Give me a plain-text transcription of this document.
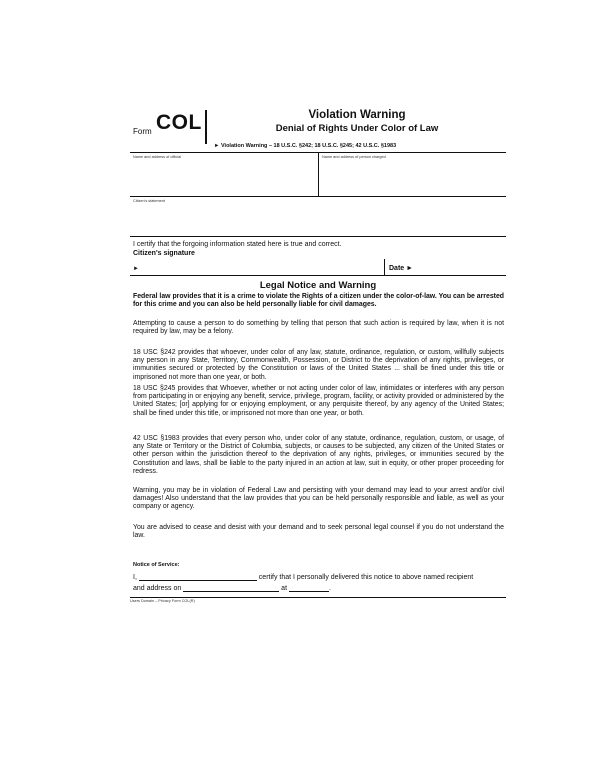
Form COL	Violation Warning
Denial of Rights Under Color of Law
► Violation Warning – 18 U.S.C. §242; 18 U.S.C. §245; 42 U.S.C. §1983
Name and address of official	Name and address of person charged
Citizen's statement
I certify that the forgoing information stated here is true and correct.
Citizen's signature
►	Date ►
Legal Notice and Warning

Federal law provides that it is a crime to violate the Rights of a citizen under the color-of-law. You can be arrested for this crime and you can also be held personally liable for civil damages.

Attempting to cause a person to do something by telling that person that such action is required by law, when it is not required by law, may be a felony.

18 USC §242 provides that whoever, under color of any law, statute, ordinance, regulation, or custom, willfully subjects any person in any State, Territory, Commonwealth, Possession, or District to the deprivation of any rights, privileges, or immunities secured or protected by the Constitution or laws of the United States ... shall be fined under this title or imprisoned not more than one year, or both.

18 USC §245 provides that Whoever, whether or not acting under color of law, intimidates or interferes with any person from participating in or enjoying any benefit, service, privilege, program, facility, or activity provided or administered by the United States; [or] applying for or enjoying employment, or any perquisite thereof, by any agency of the United States; shall be fined under this title, or imprisoned not more than one year, or both.

42 USC §1983 provides that every person who, under color of any statute, ordinance, regulation, custom, or usage, of any State or Territory or the District of Columbia, subjects, or causes to be subjected, any citizen of the United States or other person within the jurisdiction thereof to the deprivation of any rights, privileges, or immunities secured by the Constitution and laws, shall be liable to the party injured in an action at law, suit in equity, or other proper proceeding for redress.

Warning, you may be in violation of Federal Law and persisting with your demand may lead to your arrest and/or civil damages! Also understand that the law provides that you can be held personally responsible and liable, as well as your company or agency.

You are advised to cease and desist with your demand and to seek personal legal counsel if you do not understand the law.

Notice of Service:
I,	certify that I personally delivered this notice to above named recipient
and address on	at	.
Users Domain – Privacy Form COL(R)
